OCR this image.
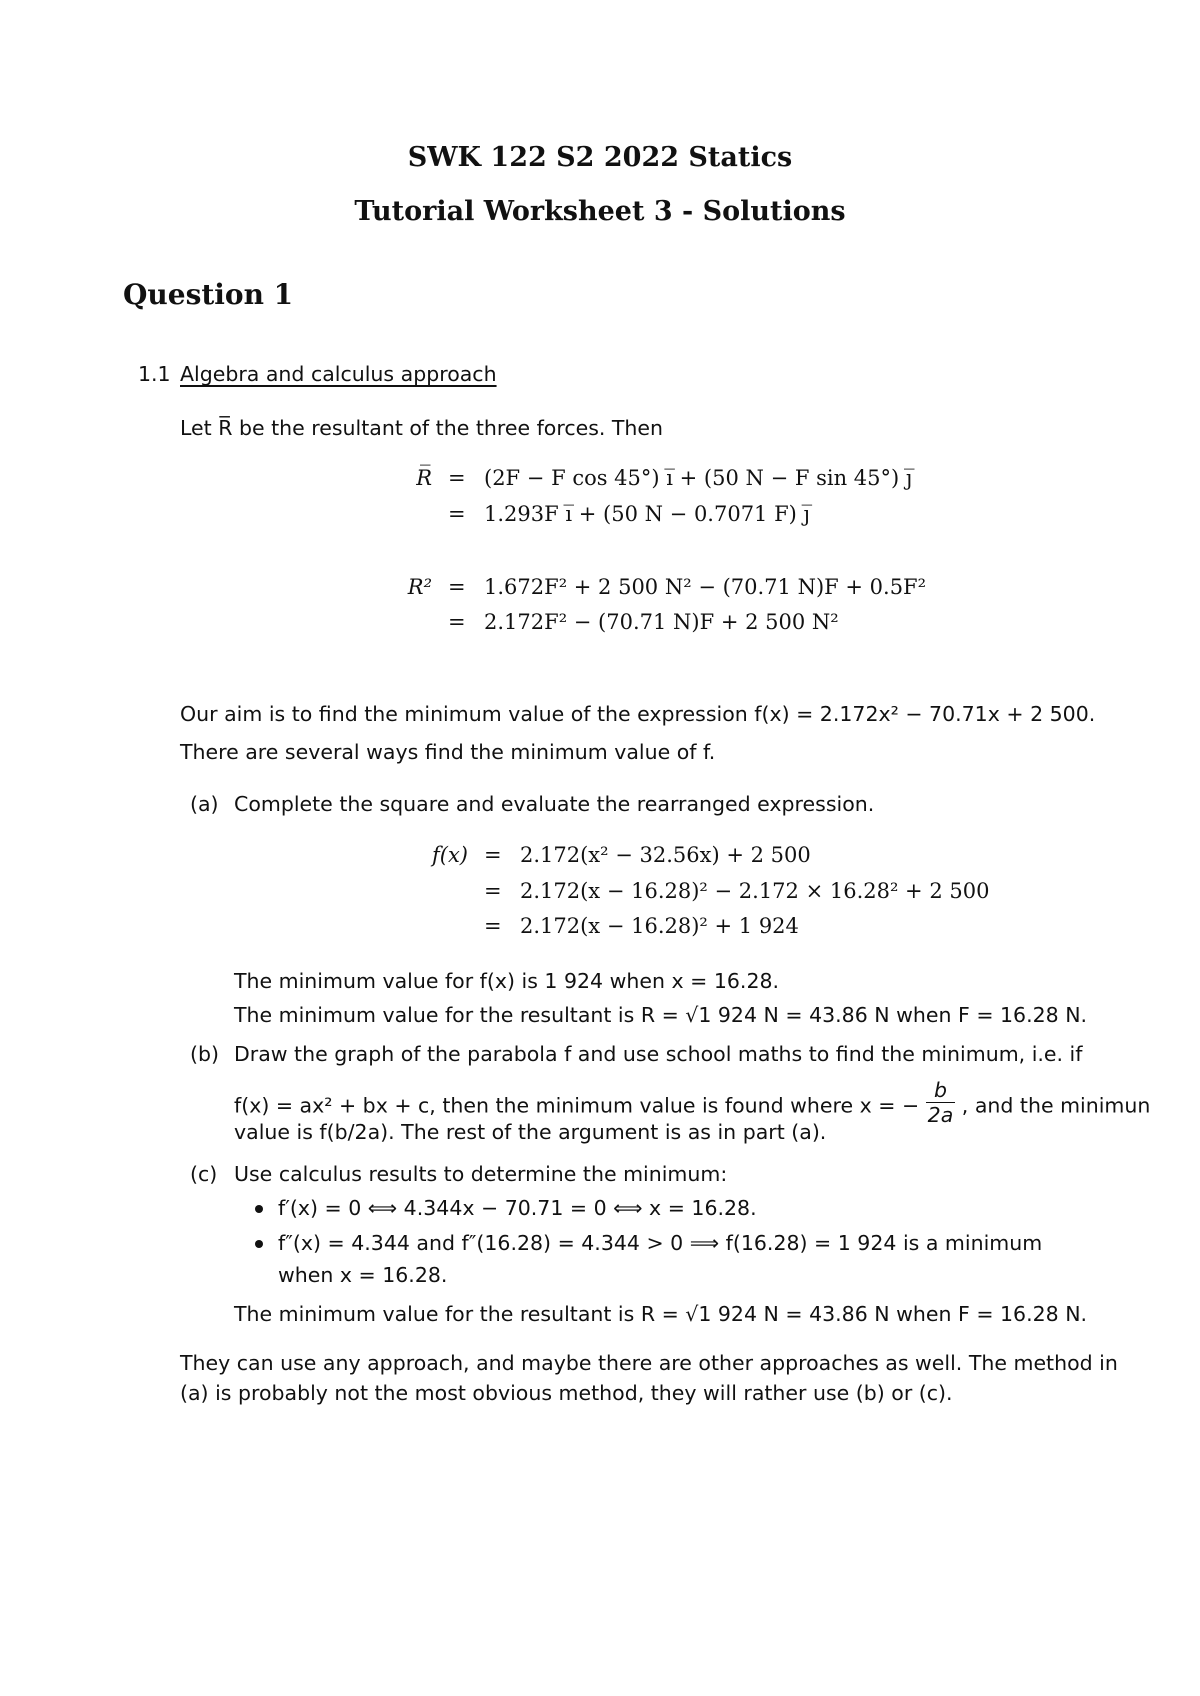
SWK 122 S2 2022 Statics
Tutorial Worksheet 3 - Solutions
Question 1
1.1 Algebra and calculus approach
Let R̅ be the resultant of the three forces. Then
R̅ = (2F − F cos 45°) i̅ + (50 N − F sin 45°) j̅
= 1.293F i̅ + (50 N − 0.7071 F) j̅
R² = 1.672F² + 2 500 N² − (70.71 N)F + 0.5F²
= 2.172F² − (70.71 N)F + 2 500 N²
Our aim is to find the minimum value of the expression f(x) = 2.172x² − 70.71x + 2 500.
There are several ways find the minimum value of f.
(a) Complete the square and evaluate the rearranged expression.
f(x) = 2.172(x² − 32.56x) + 2 500
= 2.172(x − 16.28)² − 2.172 × 16.28² + 2 500
= 2.172(x − 16.28)² + 1 924
The minimum value for f(x) is 1 924 when x = 16.28.
The minimum value for the resultant is R = √1 924 N = 43.86 N when F = 16.28 N.
(b) Draw the graph of the parabola f and use school maths to find the minimum, i.e. if
f(x) = ax² + bx + c, then the minimum value is found where x = − $\frac{b}{2a}$ , and the minimun
value is f(b/2a). The rest of the argument is as in part (a).
(c) Use calculus results to determine the minimum:
f′(x) = 0 ⟺ 4.344x − 70.71 = 0 ⟺ x = 16.28.
f″(x) = 4.344 and f″(16.28) = 4.344 > 0 ⟹ f(16.28) = 1 924 is a minimum
when x = 16.28.
The minimum value for the resultant is R = √1 924 N = 43.86 N when F = 16.28 N.
They can use any approach, and maybe there are other approaches as well. The method in
(a) is probably not the most obvious method, they will rather use (b) or (c).
